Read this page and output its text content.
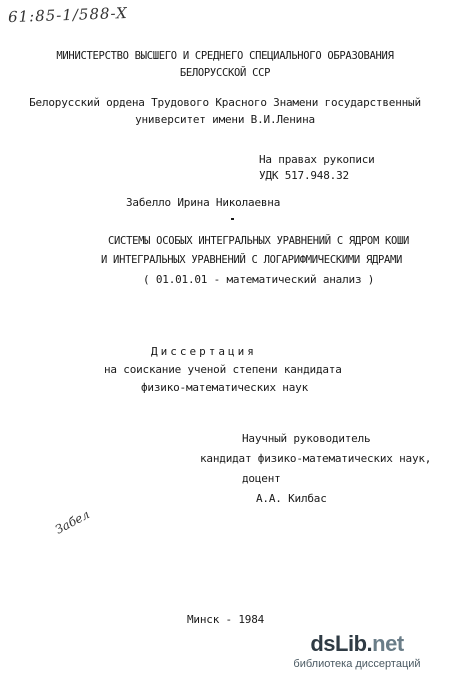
61:85-1/588-X
МИНИСТЕРСТВО ВЫСШЕГО И СРЕДНЕГО СПЕЦИАЛЬНОГО ОБРАЗОВАНИЯ
БЕЛОРУССКОЙ ССР
Белорусский ордена Трудового Красного Знамени государственный
университет имени В.И.Ленина
На правах рукописи
УДК 517.948.32
Забелло Ирина Николаевна
СИСТЕМЫ ОСОБЫХ ИНТЕГРАЛЬНЫХ УРАВНЕНИЙ С ЯДРОМ КОШИ
И ИНТЕГРАЛЬНЫХ УРАВНЕНИЙ С ЛОГАРИФМИЧЕСКИМИ ЯДРАМИ
( 01.01.01 - математический анализ )
Диссертация
на соискание ученой степени кандидата
физико-математических наук
Научный руководитель
кандидат физико-математических наук,
доцент
А.А. Килбас
Забел
Минск - 1984
dsLib.net
библиотека диссертаций
